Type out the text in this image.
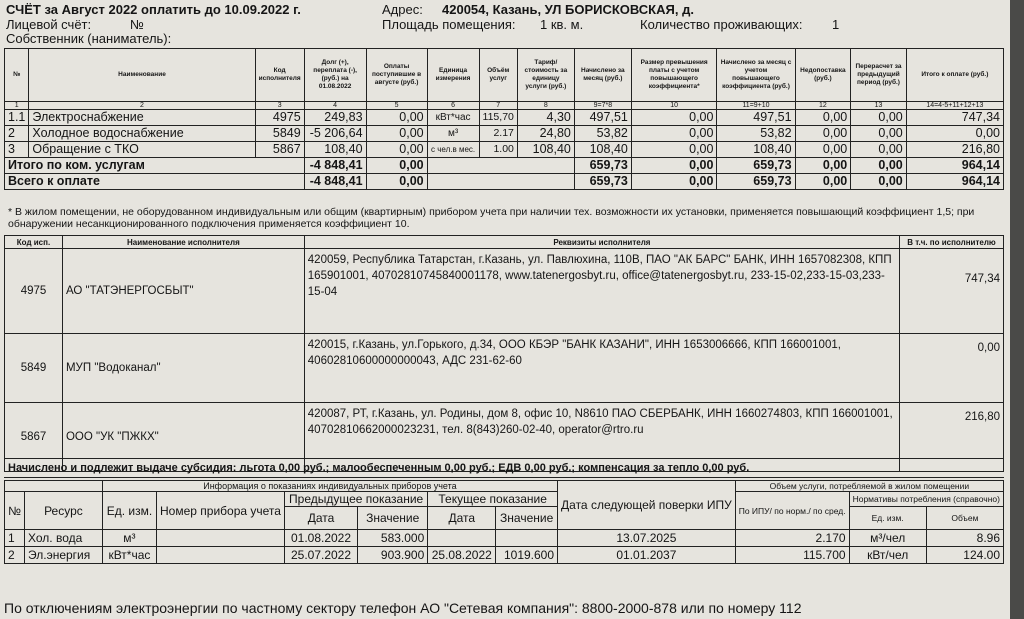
СЧЁТ за Август 2022 оплатить до 10.09.2022 г.	Адрес: 420054, Казань, УЛ БОРИСКОВСКАЯ, д.
Лицевой счёт:	№	Площадь помещения: 1 кв. м.	Количество проживающих: 1
Собственник (наниматель):
№	Наименование	Код исполнителя	Долг (+), переплата (-), (руб.) на 01.08.2022	Оплаты поступившие в августе (руб.)	Единица измерения	Объём услуг	Тариф/стоимость за единицу услуги (руб.)	Начислено за месяц (руб.)	Размер превышения платы с учетом повышающего коэффициента*	Начислено за месяц с учетом повышающего коэффициента (руб.)	Недопоставка (руб.)	Перерасчет за предыдущий период (руб.)	Итого к оплате (руб.)
1	2	3	4	5	6	7	8	9=7*8	10	11=9+10	12	13	14=4-5+11+12+13
1.1	Электроснабжение	4975	249,83	0,00	кВт*час	115,70	4,30	497,51	0,00	497,51	0,00	0,00	747,34
2	Холодное водоснабжение	5849	-5 206,64	0,00	м³	2.17	24,80	53,82	0,00	53,82	0,00	0,00	0,00
3	Обращение с ТКО	5867	108,40	0,00	с чел.в мес.	1.00	108,40	108,40	0,00	108,40	0,00	0,00	216,80
Итого по ком. услугам			-4 848,41	0,00				659,73	0,00	659,73	0,00	0,00	964,14
Всего к оплате			-4 848,41	0,00				659,73	0,00	659,73	0,00	0,00	964,14
* В жилом помещении, не оборудованном индивидуальным или общим (квартирным) прибором учета при наличии тех. возможности их установки, применяется повышающий коэффициент 1,5; при обнаружении несанкционированного подключения применяется коэффициент 10.
Код исп.	Наименование исполнителя	Реквизиты исполнителя	В т.ч. по исполнителю
4975	АО "ТАТЭНЕРГОСБЫТ"	420059, Республика Татарстан, г.Казань, ул. Павлюхина, 110В, ПАО "АК БАРС" БАНК, ИНН 1657082308, КПП 165901001, 40702810745840001178, www.tatenergosbyt.ru, office@tatenergosbyt.ru, 233-15-02,233-15-03,233-15-04	747,34
5849	МУП "Водоканал"	420015, г.Казань, ул.Горького, д.34, ООО КБЭР "БАНК КАЗАНИ", ИНН 1653006666, КПП 166001001, 40602810600000000043, АДС 231-62-60	0,00
5867	ООО "УК "ПЖКХ"	420087, РТ, г.Казань, ул. Родины, дом 8, офис 10, N8610 ПАО СБЕРБАНК, ИНН 1660274803, КПП 166001001, 40702810662000023231, тел. 8(843)260-02-40, operator@rtro.ru	216,80
Начислено и подлежит выдаче субсидия: льгота 0,00 руб.; малообеспеченным 0,00 руб.; ЕДВ 0,00 руб.; компенсация за тепло 0,00 руб.
		Информация о показаниях индивидуальных приборов учета						Дата следующей поверки ИПУ	Объем услуги, потребляемой в жилом помещении		
№	Ресурс	Ед. изм.	Номер прибора учета	Предыдущее показание		Текущее показание			По ИПУ/ по норм./ по сред.	Нормативы потребления (справочно)	
				Дата	Значение	Дата	Значение			Ед. изм.	Объем
1	Хол. вода	м³		01.08.2022	583.000			13.07.2025	2.170	м³/чел	8.96
2	Эл.энергия	кВт*час		25.07.2022	903.900	25.08.2022	1019.600	01.01.2037	115.700	кВт/чел	124.00
По отключениям электроэнергии по частному сектору телефон АО "Сетевая компания": 8800-2000-878 или по номеру 112
